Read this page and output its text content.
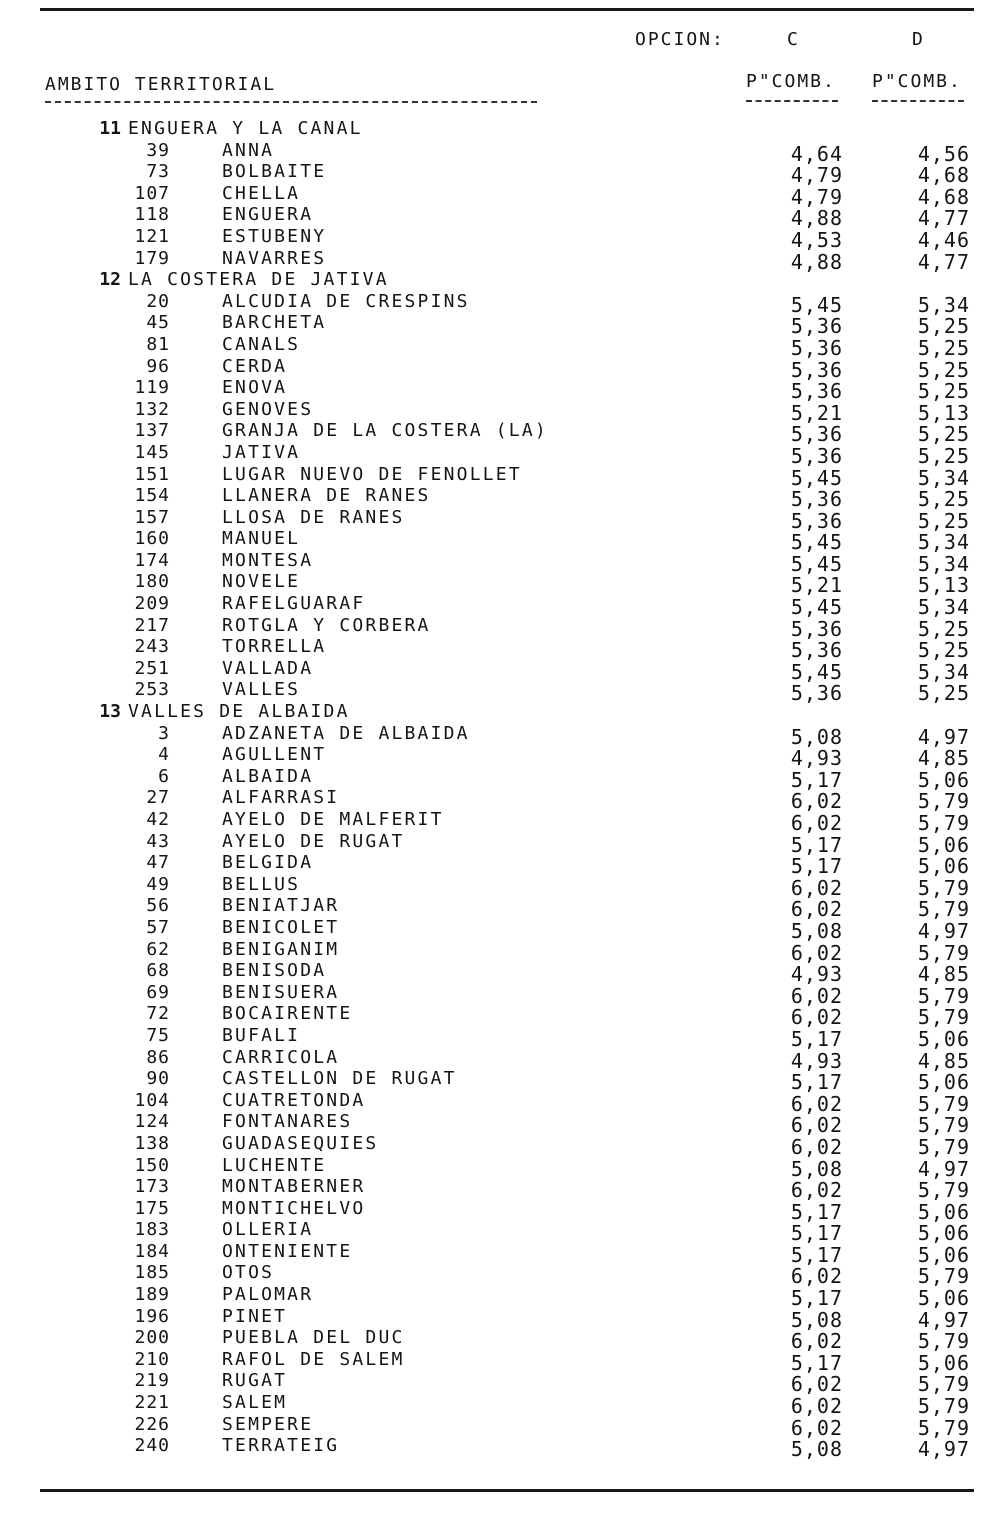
OPCION:	C	D
AMBITO TERRITORIAL	P"COMB. P"COMB.
11 ENGUERA Y LA CANAL
39	ANNA	4,64	4,56
73	BOLBAITE	4,79	4,68
107	CHELLA	4,79	4,68
118	ENGUERA	4,88	4,77
121	ESTUBENY	4,53	4,46
179	NAVARRES	4,88	4,77
12 LA COSTERA DE JATIVA
20	ALCUDIA DE CRESPINS	5,45	5,34
45	BARCHETA	5,36	5,25
81	CANALS	5,36	5,25
96	CERDA	5,36	5,25
119	ENOVA	5,36	5,25
132	GENOVES	5,21	5,13
137	GRANJA DE LA COSTERA (LA)	5,36	5,25
145	JATIVA	5,36	5,25
151	LUGAR NUEVO DE FENOLLET	5,45	5,34
154	LLANERA DE RANES	5,36	5,25
157	LLOSA DE RANES	5,36	5,25
160	MANUEL	5,45	5,34
174	MONTESA	5,45	5,34
180	NOVELE	5,21	5,13
209	RAFELGUARAF	5,45	5,34
217	ROTGLA Y CORBERA	5,36	5,25
243	TORRELLA	5,36	5,25
251	VALLADA	5,45	5,34
253	VALLES	5,36	5,25
13 VALLES DE ALBAIDA
3	ADZANETA DE ALBAIDA	5,08	4,97
4	AGULLENT	4,93	4,85
6	ALBAIDA	5,17	5,06
27	ALFARRASI	6,02	5,79
42	AYELO DE MALFERIT	6,02	5,79
43	AYELO DE RUGAT	5,17	5,06
47	BELGIDA	5,17	5,06
49	BELLUS	6,02	5,79
56	BENIATJAR	6,02	5,79
57	BENICOLET	5,08	4,97
62	BENIGANIM	6,02	5,79
68	BENISODA	4,93	4,85
69	BENISUERA	6,02	5,79
72	BOCAIRENTE	6,02	5,79
75	BUFALI	5,17	5,06
86	CARRICOLA	4,93	4,85
90	CASTELLON DE RUGAT	5,17	5,06
104	CUATRETONDA	6,02	5,79
124	FONTANARES	6,02	5,79
138	GUADASEQUIES	6,02	5,79
150	LUCHENTE	5,08	4,97
173	MONTABERNER	6,02	5,79
175	MONTICHELVO	5,17	5,06
183	OLLERIA	5,17	5,06
184	ONTENIENTE	5,17	5,06
185	OTOS	6,02	5,79
189	PALOMAR	5,17	5,06
196	PINET	5,08	4,97
200	PUEBLA DEL DUC	6,02	5,79
210	RAFOL DE SALEM	5,17	5,06
219	RUGAT	6,02	5,79
221	SALEM	6,02	5,79
226	SEMPERE	6,02	5,79
240	TERRATEIG	5,08	4,97
